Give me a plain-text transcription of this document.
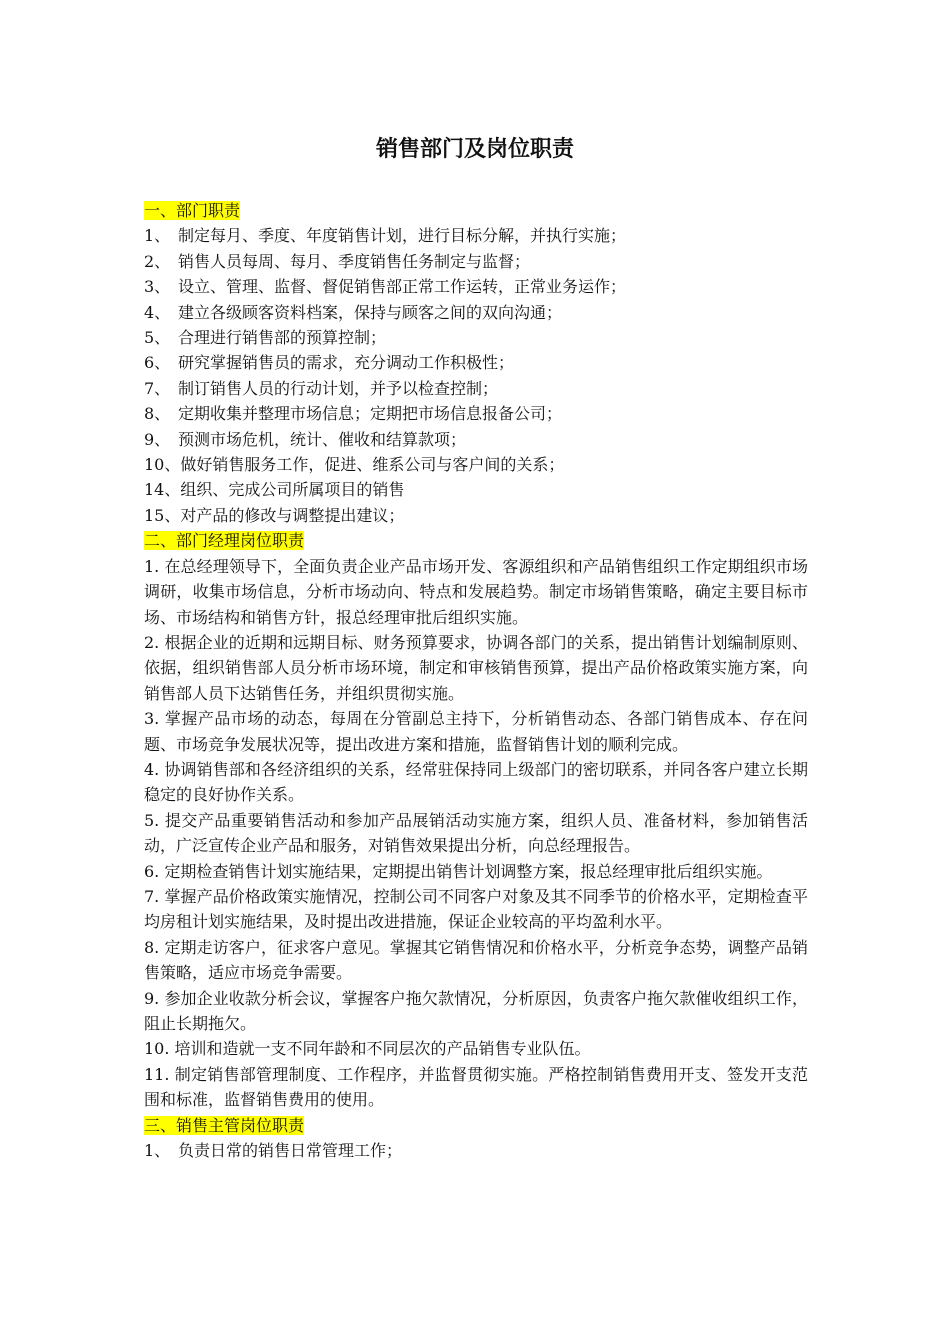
销售部门及岗位职责
一、部门职责
1、 制定每月、季度、年度销售计划，进行目标分解，并执行实施；
2、 销售人员每周、每月、季度销售任务制定与监督；
3、 设立、管理、监督、督促销售部正常工作运转，正常业务运作；
4、 建立各级顾客资料档案，保持与顾客之间的双向沟通；
5、 合理进行销售部的预算控制；
6、 研究掌握销售员的需求，充分调动工作积极性；
7、 制订销售人员的行动计划，并予以检查控制；
8、 定期收集并整理市场信息；定期把市场信息报备公司；
9、 预测市场危机，统计、催收和结算款项；
10、做好销售服务工作，促进、维系公司与客户间的关系；
14、组织、完成公司所属项目的销售
15、对产品的修改与调整提出建议；
二、部门经理岗位职责

1. 在总经理领导下，全面负责企业产品市场开发、客源组织和产品销售组织工作定期组织市场调研，收集市场信息，分析市场动向、特点和发展趋势。制定市场销售策略，确定主要目标市场、市场结构和销售方针，报总经理审批后组织实施。

2. 根据企业的近期和远期目标、财务预算要求，协调各部门的关系，提出销售计划编制原则、依据，组织销售部人员分析市场环境，制定和审核销售预算，提出产品价格政策实施方案，向销售部人员下达销售任务，并组织贯彻实施。

3. 掌握产品市场的动态，每周在分管副总主持下，分析销售动态、各部门销售成本、存在问题、市场竞争发展状况等，提出改进方案和措施，监督销售计划的顺利完成。

4. 协调销售部和各经济组织的关系，经常驻保持同上级部门的密切联系，并同各客户建立长期稳定的良好协作关系。

5. 提交产品重要销售活动和参加产品展销活动实施方案，组织人员、准备材料，参加销售活动，广泛宣传企业产品和服务，对销售效果提出分析，向总经理报告。

6. 定期检查销售计划实施结果，定期提出销售计划调整方案，报总经理审批后组织实施。

7. 掌握产品价格政策实施情况，控制公司不同客户对象及其不同季节的价格水平，定期检查平均房租计划实施结果，及时提出改进措施，保证企业较高的平均盈利水平。

8. 定期走访客户，征求客户意见。掌握其它销售情况和价格水平，分析竞争态势，调整产品销售策略，适应市场竞争需要。

9. 参加企业收款分析会议，掌握客户拖欠款情况，分析原因，负责客户拖欠款催收组织工作，阻止长期拖欠。

10. 培训和造就一支不同年龄和不同层次的产品销售专业队伍。

11. 制定销售部管理制度、工作程序，并监督贯彻实施。严格控制销售费用开支、签发开支范围和标准，监督销售费用的使用。

三、销售主管岗位职责
1、 负责日常的销售日常管理工作；
